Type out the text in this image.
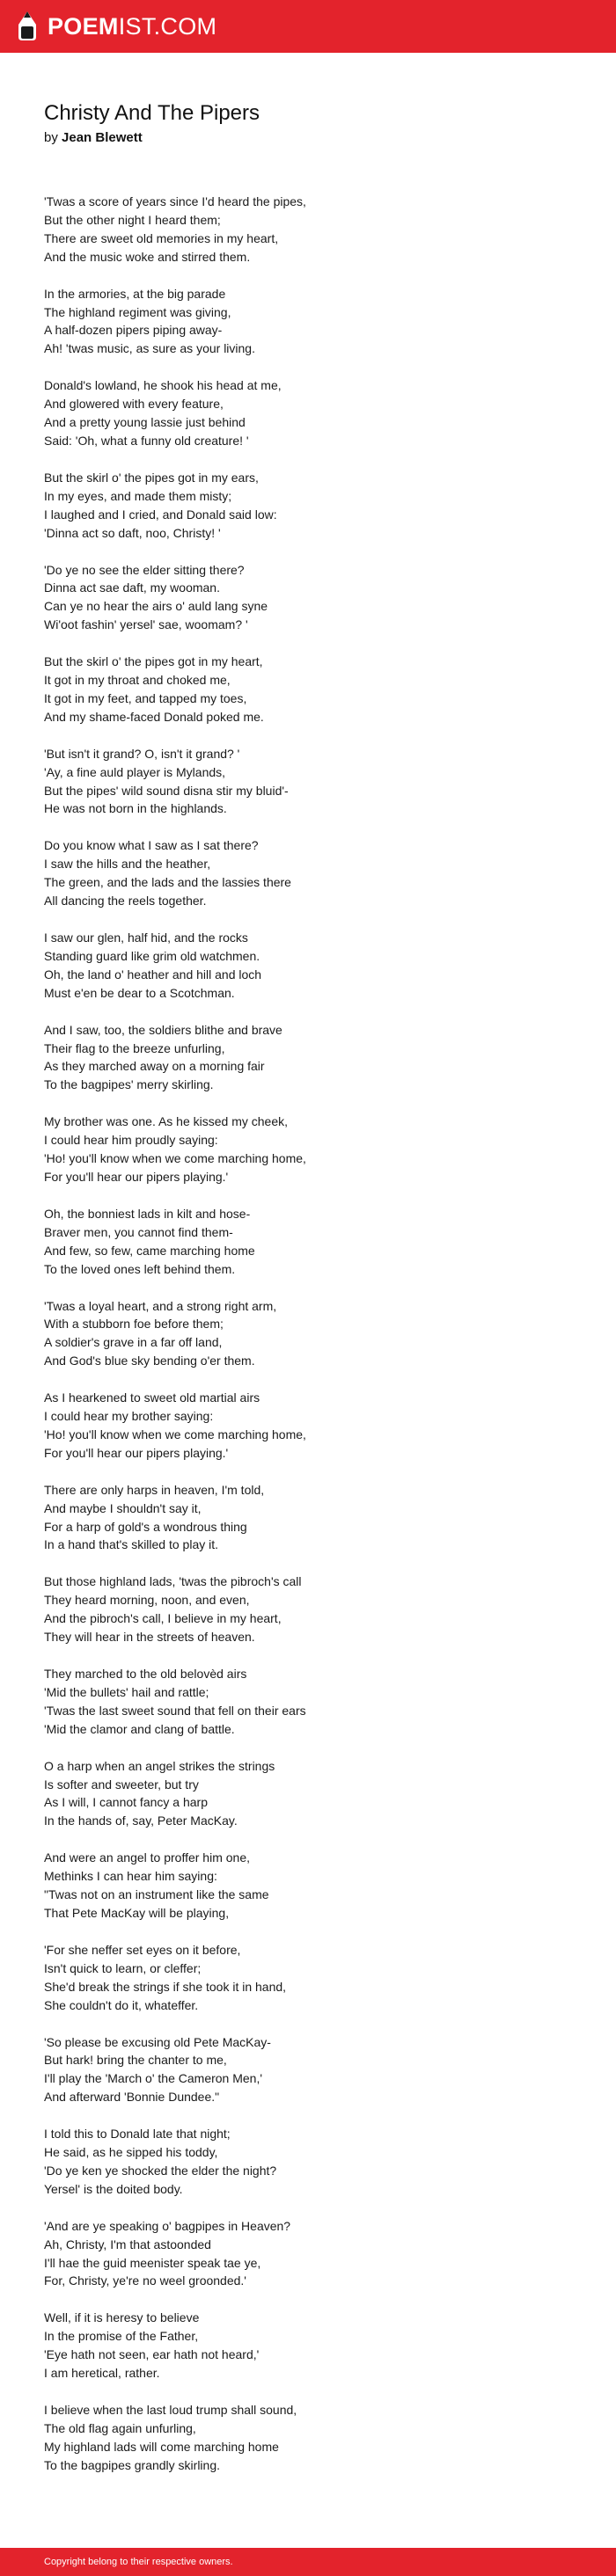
POEMIST.COM
Christy And The Pipers
by Jean Blewett
'Twas a score of years since I'd heard the pipes,
But the other night I heard them;
There are sweet old memories in my heart,
And the music woke and stirred them.
In the armories, at the big parade
The highland regiment was giving,
A half-dozen pipers piping away-
Ah! 'twas music, as sure as your living.
Donald's lowland, he shook his head at me,
And glowered with every feature,
And a pretty young lassie just behind
Said: 'Oh, what a funny old creature! '
But the skirl o' the pipes got in my ears,
In my eyes, and made them misty;
I laughed and I cried, and Donald said low:
'Dinna act so daft, noo, Christy! '
'Do ye no see the elder sitting there?
Dinna act sae daft, my wooman.
Can ye no hear the airs o' auld lang syne
Wi'oot fashin' yersel' sae, woomam? '
But the skirl o' the pipes got in my heart,
It got in my throat and choked me,
It got in my feet, and tapped my toes,
And my shame-faced Donald poked me.
'But isn't it grand? O, isn't it grand? '
'Ay, a fine auld player is Mylands,
But the pipes' wild sound disna stir my bluid'-
He was not born in the highlands.
Do you know what I saw as I sat there?
I saw the hills and the heather,
The green, and the lads and the lassies there
All dancing the reels together.
I saw our glen, half hid, and the rocks
Standing guard like grim old watchmen.
Oh, the land o' heather and hill and loch
Must e'en be dear to a Scotchman.
And I saw, too, the soldiers blithe and brave
Their flag to the breeze unfurling,
As they marched away on a morning fair
To the bagpipes' merry skirling.
My brother was one. As he kissed my cheek,
I could hear him proudly saying:
'Ho! you'll know when we come marching home,
For you'll hear our pipers playing.'
Oh, the bonniest lads in kilt and hose-
Braver men, you cannot find them-
And few, so few, came marching home
To the loved ones left behind them.
'Twas a loyal heart, and a strong right arm,
With a stubborn foe before them;
A soldier's grave in a far off land,
And God's blue sky bending o'er them.
As I hearkened to sweet old martial airs
I could hear my brother saying:
'Ho! you'll know when we come marching home,
For you'll hear our pipers playing.'
There are only harps in heaven, I'm told,
And maybe I shouldn't say it,
For a harp of gold's a wondrous thing
In a hand that's skilled to play it.
But those highland lads, 'twas the pibroch's call
They heard morning, noon, and even,
And the pibroch's call, I believe in my heart,
They will hear in the streets of heaven.
They marched to the old belovèd airs
'Mid the bullets' hail and rattle;
'Twas the last sweet sound that fell on their ears
'Mid the clamor and clang of battle.
O a harp when an angel strikes the strings
Is softer and sweeter, but try
As I will, I cannot fancy a harp
In the hands of, say, Peter MacKay.
And were an angel to proffer him one,
Methinks I can hear him saying:
"Twas not on an instrument like the same
That Pete MacKay will be playing,
'For she neffer set eyes on it before,
Isn't quick to learn, or cleffer;
She'd break the strings if she took it in hand,
She couldn't do it, whateffer.
'So please be excusing old Pete MacKay-
But hark! bring the chanter to me,
I'll play the 'March o' the Cameron Men,'
And afterward 'Bonnie Dundee."
I told this to Donald late that night;
He said, as he sipped his toddy,
'Do ye ken ye shocked the elder the night?
Yersel' is the doited body.
'And are ye speaking o' bagpipes in Heaven?
Ah, Christy, I'm that astoonded
I'll hae the guid meenister speak tae ye,
For, Christy, ye're no weel groonded.'
Well, if it is heresy to believe
In the promise of the Father,
'Eye hath not seen, ear hath not heard,'
I am heretical, rather.
I believe when the last loud trump shall sound,
The old flag again unfurling,
My highland lads will come marching home
To the bagpipes grandly skirling.
Copyright belong to their respective owners.
